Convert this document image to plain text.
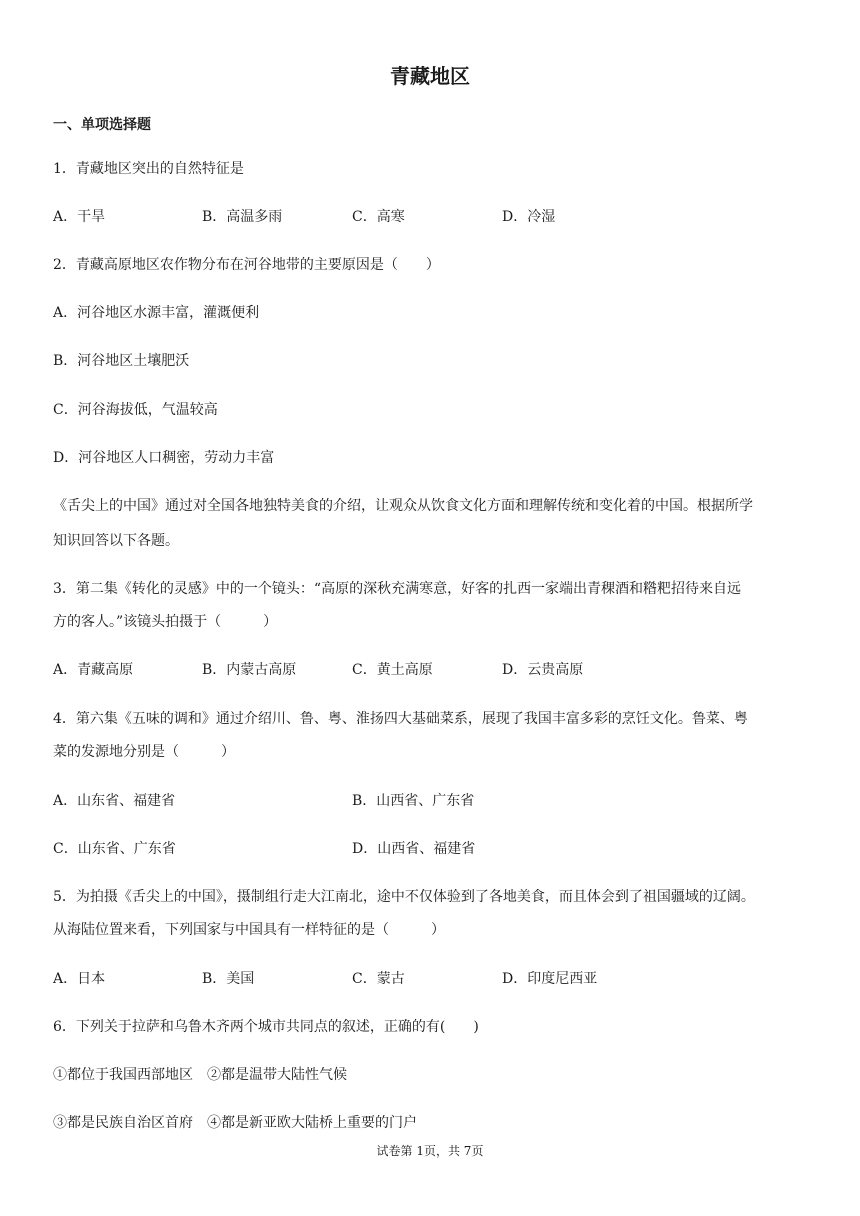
青藏地区
一、单项选择题
1．青藏地区突出的自然特征是
A．干旱	B．高温多雨	C．高寒	D．冷湿
2．青藏高原地区农作物分布在河谷地带的主要原因是（　　）
A．河谷地区水源丰富，灌溉便利
B．河谷地区土壤肥沃
C．河谷海拔低，气温较高
D．河谷地区人口稠密，劳动力丰富
《舌尖上的中国》通过对全国各地独特美食的介绍，让观众从饮食文化方面和理解传统和变化着的中国。根据所学
知识回答以下各题。
3．第二集《转化的灵感》中的一个镜头：“高原的深秋充满寒意，好客的扎西一家端出青稞酒和糌粑招待来自远
方的客人。”该镜头拍摄于（　　　）
A．青藏高原	B．内蒙古高原	C．黄土高原	D．云贵高原
4．第六集《五味的调和》通过介绍川、鲁、粤、淮扬四大基础菜系，展现了我国丰富多彩的烹饪文化。鲁菜、粤
菜的发源地分别是（　　　）
A．山东省、福建省	B．山西省、广东省
C．山东省、广东省	D．山西省、福建省
5．为拍摄《舌尖上的中国》，摄制组行走大江南北，途中不仅体验到了各地美食，而且体会到了祖国疆域的辽阔。
从海陆位置来看，下列国家与中国具有一样特征的是（　　　）
A．日本	B．美国	C．蒙古	D．印度尼西亚
6．下列关于拉萨和乌鲁木齐两个城市共同点的叙述，正确的有(　　)
①都位于我国西部地区　②都是温带大陆性气候
③都是民族自治区首府　④都是新亚欧大陆桥上重要的门户
试卷第 1页，共 7页
